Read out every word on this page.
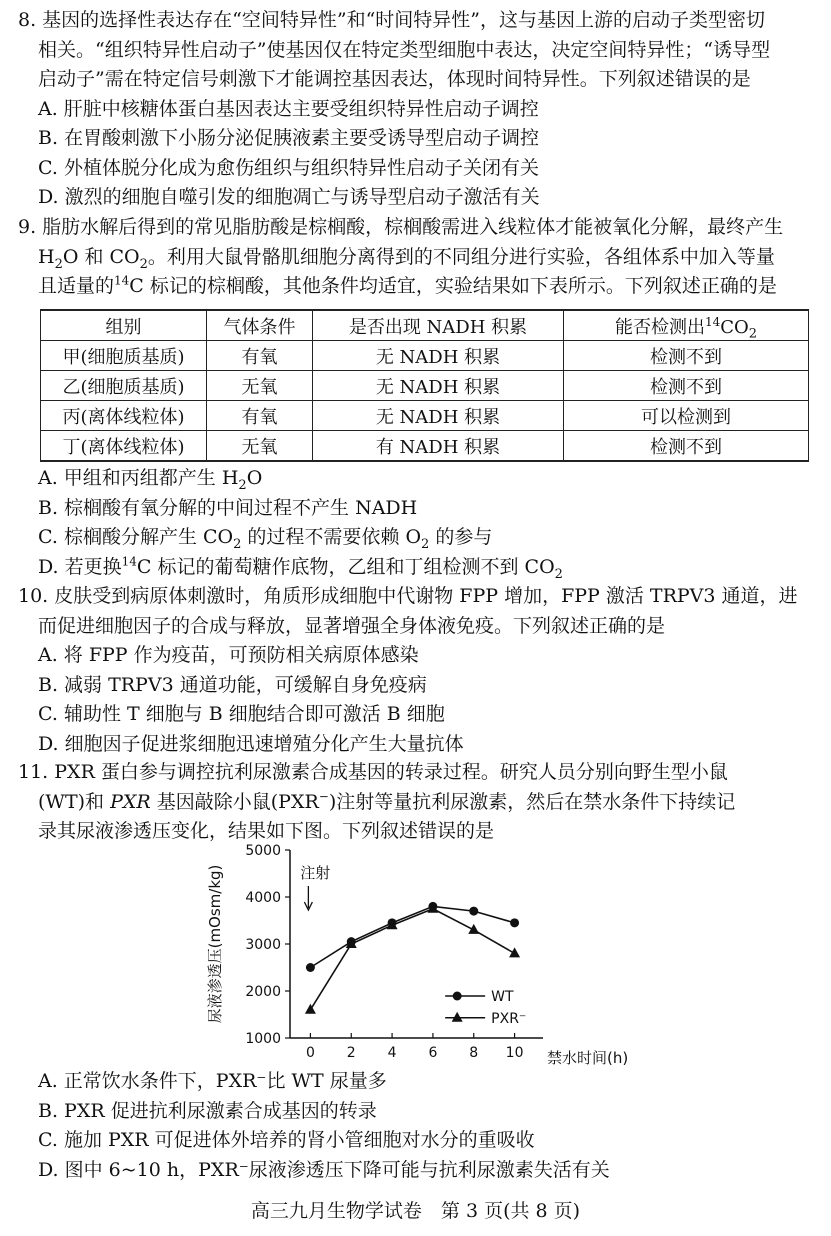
8. 基因的选择性表达存在“空间特异性”和“时间特异性”，这与基因上游的启动子类型密切

相关。“组织特异性启动子”使基因仅在特定类型细胞中表达，决定空间特异性；“诱导型

启动子”需在特定信号刺激下才能调控基因表达，体现时间特异性。下列叙述错误的是

A. 肝脏中核糖体蛋白基因表达主要受组织特异性启动子调控

B. 在胃酸刺激下小肠分泌促胰液素主要受诱导型启动子调控

C. 外植体脱分化成为愈伤组织与组织特异性启动子关闭有关

D. 激烈的细胞自噬引发的细胞凋亡与诱导型启动子激活有关

9. 脂肪水解后得到的常见脂肪酸是棕榈酸，棕榈酸需进入线粒体才能被氧化分解，最终产生

$H_2O$ 和 $CO_2$。利用大鼠骨骼肌细胞分离得到的不同组分进行实验，各组体系中加入等量

且适量的$^{14}$C 标记的棕榈酸，其他条件均适宜，实验结果如下表所示。下列叙述正确的是

组别	气体条件	是否出现 NADH 积累	能否检测出$^{14}CO_2$
甲(细胞质基质)	有氧	无 NADH 积累	检测不到
乙(细胞质基质)	无氧	无 NADH 积累	检测不到
丙(离体线粒体)	有氧	无 NADH 积累	可以检测到
丁(离体线粒体)	无氧	有 NADH 积累	检测不到

A. 甲组和丙组都产生 $H_2O$

B. 棕榈酸有氧分解的中间过程不产生 NADH

C. 棕榈酸分解产生 $CO_2$ 的过程不需要依赖 $O_2$ 的参与

D. 若更换$^{14}$C 标记的葡萄糖作底物，乙组和丁组检测不到 $CO_2$

10. 皮肤受到病原体刺激时，角质形成细胞中代谢物 FPP 增加，FPP 激活 TRPV3 通道，进

而促进细胞因子的合成与释放，显著增强全身体液免疫。下列叙述正确的是

A. 将 FPP 作为疫苗，可预防相关病原体感染

B. 减弱 TRPV3 通道功能，可缓解自身免疫病

C. 辅助性 T 细胞与 B 细胞结合即可激活 B 细胞

D. 细胞因子促进浆细胞迅速增殖分化产生大量抗体

11. PXR 蛋白参与调控抗利尿激素合成基因的转录过程。研究人员分别向野生型小鼠

(WT)和 PXR 基因敲除小鼠(PXR−)注射等量抗利尿激素，然后在禁水条件下持续记

录其尿液渗透压变化，结果如下图。下列叙述错误的是

1000
2000
3000
4000
5000
0 2 4 6 8 10 禁水时间(h)
尿液渗透压(mOsm/kg)	注射
WT
PXR⁻

A. 正常饮水条件下，PXR⁻比 WT 尿量多

B. PXR 促进抗利尿激素合成基因的转录

C. 施加 PXR 可促进体外培养的肾小管细胞对水分的重吸收

D. 图中 6~10 h，PXR⁻尿液渗透压下降可能与抗利尿激素失活有关

高三九月生物学试卷　第 3 页(共 8 页)
